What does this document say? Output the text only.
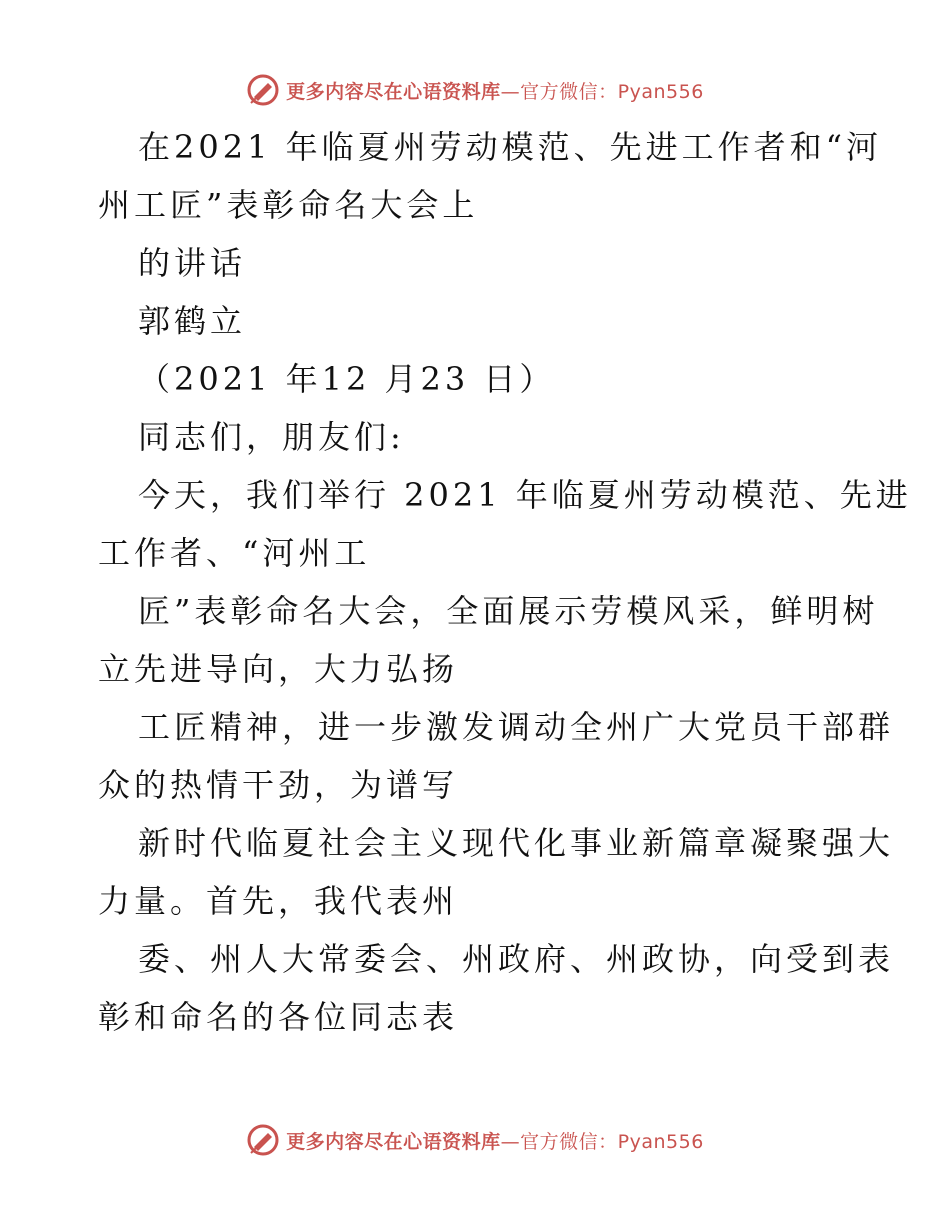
更多内容尽在心语资料库—官方微信：Pyan556
在2021 年临夏州劳动模范、先进工作者和“河
州工匠”表彰命名大会上
的讲话
郭鹤立
（2021 年12 月23 日）
同志们，朋友们:
今天，我们举行 2021 年临夏州劳动模范、先进
工作者、“河州工
匠”表彰命名大会，全面展示劳模风采，鲜明树
立先进导向，大力弘扬
工匠精神，进一步激发调动全州广大党员干部群
众的热情干劲，为谱写
新时代临夏社会主义现代化事业新篇章凝聚强大
力量。首先，我代表州
委、州人大常委会、州政府、州政协，向受到表
彰和命名的各位同志表
更多内容尽在心语资料库—官方微信：Pyan556
